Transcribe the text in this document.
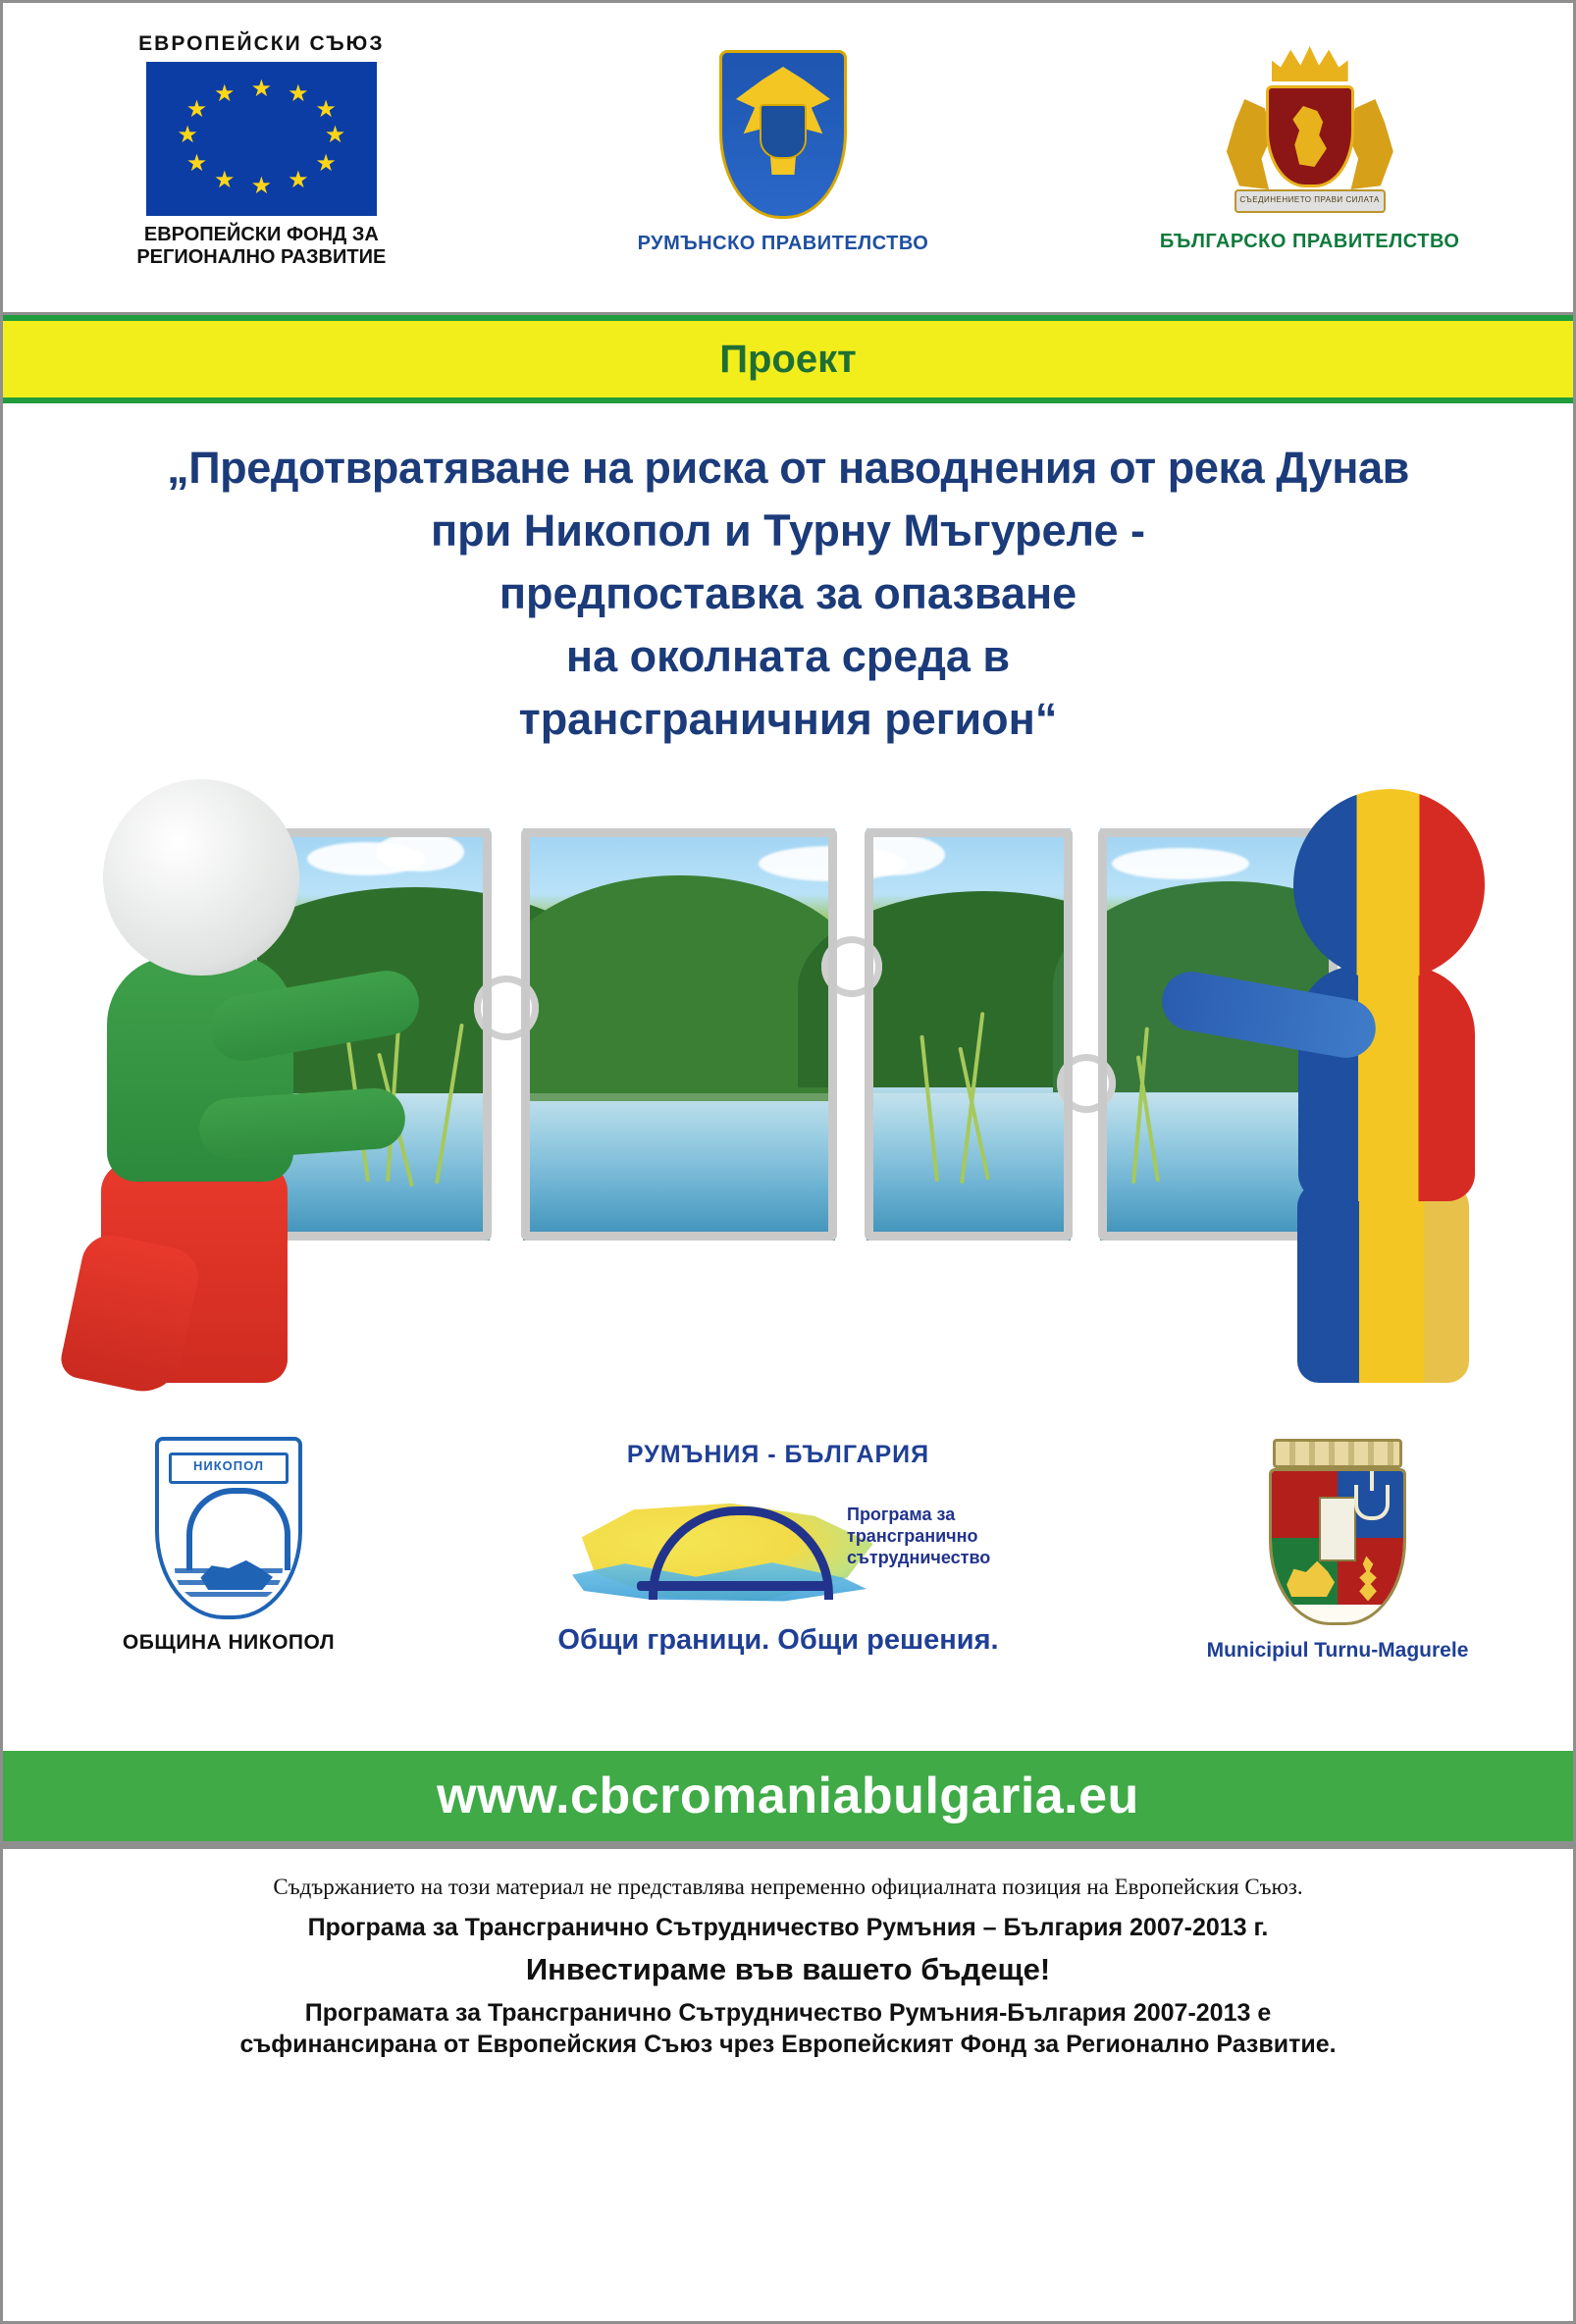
ЕВРОПЕЙСКИ СЪЮЗ
★ ★
★
★
★
★
★
★
★
★
★
★
ЕВРОПЕЙСКИ ФОНД ЗА
РЕГИОНАЛНО РАЗВИТИЕ
РУМЪНСКО ПРАВИТЕЛСТВО
СЪЕДИНЕНИЕТО ПРАВИ СИЛАТА
БЪЛГАРСКО ПРАВИТЕЛСТВО
Проект
„Предотвратяване на риска от наводнения от река Дунав
при Никопол и Турну Мъгуреле -
предпоставка за опазване
на околната среда в
трансграничния регион“
НИКОПОЛ
ОБЩИНА НИКОПОЛ
РУМЪНИЯ - БЪЛГАРИЯ
Програма за
трансгранично
сътрудничество
Общи граници. Общи решения.	Municipiul Turnu-Magurele
www.cbcromaniabulgaria.eu
Съдържанието на този материал не представлява непременно официалната позиция на Европейския Съюз.
Програма за Трансгранично Сътрудничество Румъния – България 2007-2013 г.
Инвестираме във вашето бъдеще!
Програмата за Трансгранично Сътрудничество Румъния-България 2007-2013 е
съфинансирана от Европейския Съюз чрез Европейският Фонд за Регионално Развитие.
